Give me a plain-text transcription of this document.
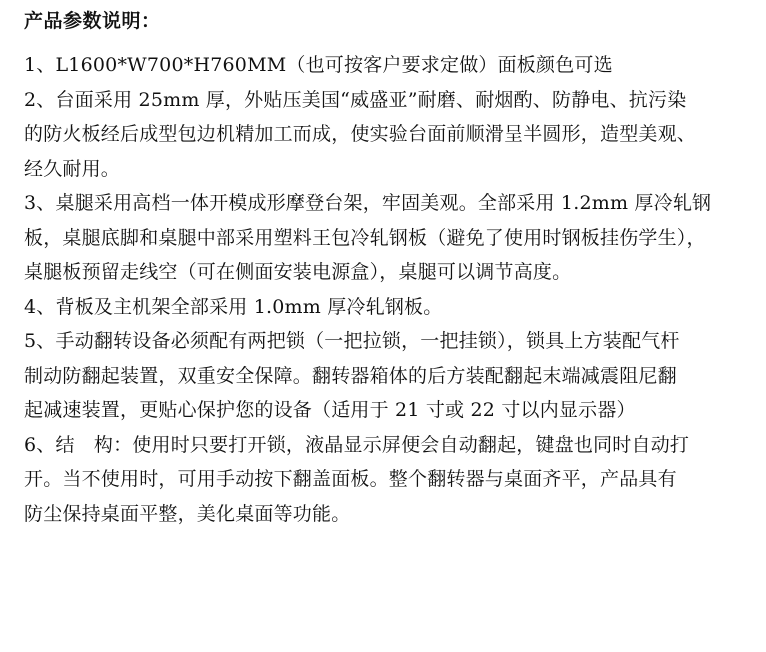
产品参数说明：

1、L1600*W700*H760MM（也可按客户要求定做）面板颜色可选

2、台面采用 25mm 厚，外贴压美国“威盛亚”耐磨、耐烟酌、防静电、抗污染
的防火板经后成型包边机精加工而成，使实验台面前顺滑呈半圆形，造型美观、
经久耐用。

3、桌腿采用高档一体开模成形摩登台架，牢固美观。全部采用 1.2mm 厚冷轧钢
板，桌腿底脚和桌腿中部采用塑料王包冷轧钢板（避免了使用时钢板挂伤学生），
桌腿板预留走线空（可在侧面安装电源盒），桌腿可以调节高度。

4、背板及主机架全部采用 1.0mm 厚冷轧钢板。

5、手动翻转设备必须配有两把锁（一把拉锁，一把挂锁），锁具上方装配气杆
制动防翻起装置，双重安全保障。翻转器箱体的后方装配翻起末端减震阻尼翻
起减速装置，更贴心保护您的设备（适用于 21 寸或 22 寸以内显示器）

6、结　构：使用时只要打开锁，液晶显示屏便会自动翻起，键盘也同时自动打
开。当不使用时，可用手动按下翻盖面板。整个翻转器与桌面齐平，产品具有
防尘保持桌面平整，美化桌面等功能。
